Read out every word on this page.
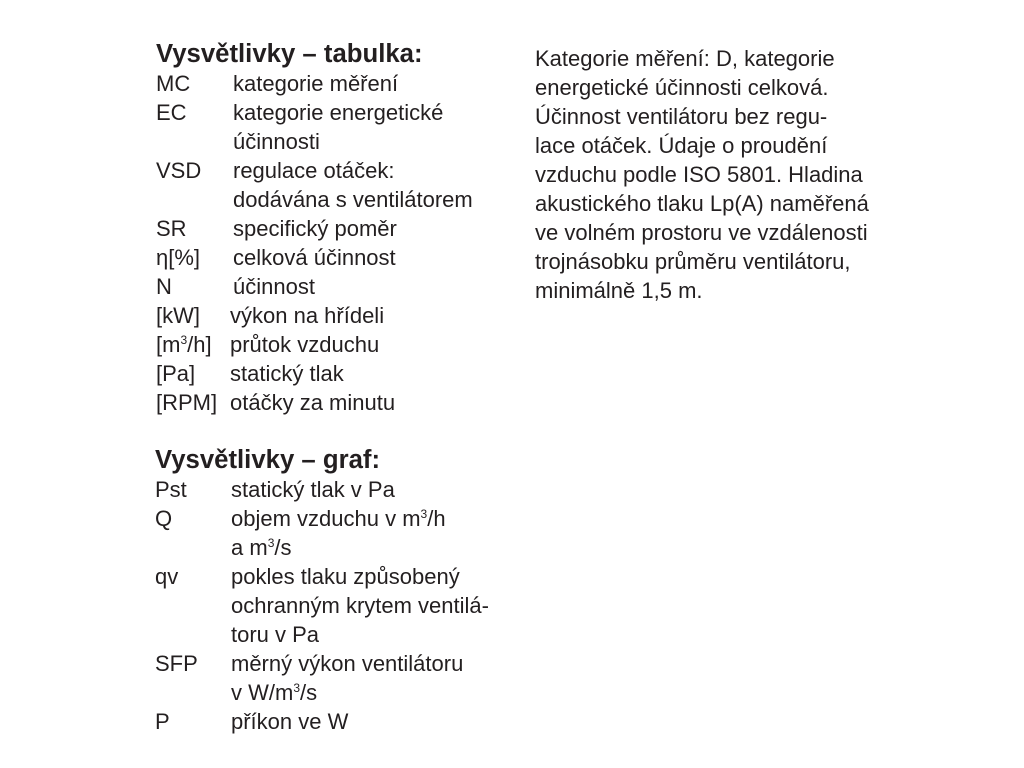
Vysvětlivky – tabulka:
MC	kategorie měření
EC	kategorie energetické
účinnosti
VSD	regulace otáček:
dodávána s ventilátorem
SR	specifický poměr
η[%]	celková účinnost
N	účinnost
[kW]	výkon na hřídeli
$[m^3/h]$ průtok vzduchu
[Pa]	statický tlak
[RPM] otáčky za minutu
Vysvětlivky – graf:
Pst	statický tlak v Pa
Q	objem vzduchu v $m^3/h$
a $m^3/s$
qv	pokles tlaku způsobený
ochranným krytem ventilá-
toru v Pa
SFP	měrný výkon ventilátoru
v $W/m^3/s$
P	příkon ve W

Kategorie měření: D, kategorie

energetické účinnosti celková.

Účinnost ventilátoru bez regu-

lace otáček. Údaje o proudění

vzduchu podle ISO 5801. Hladina

akustického tlaku Lp(A) naměřená

ve volném prostoru ve vzdálenosti

trojnásobku průměru ventilátoru,

minimálně 1,5 m.
